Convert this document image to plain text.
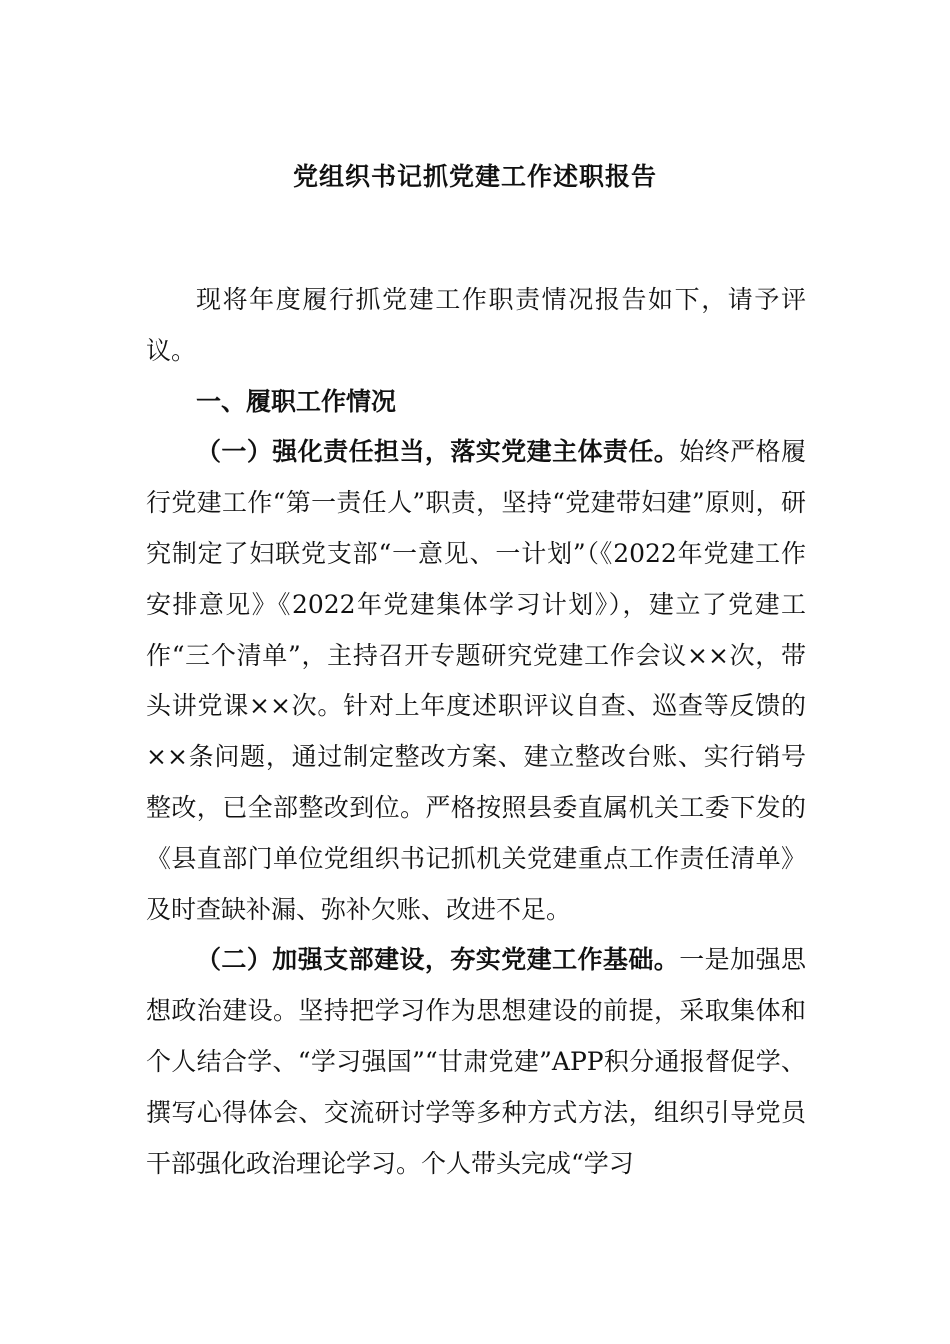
党组织书记抓党建工作述职报告

现将年度履行抓党建工作职责情况报告如下，请予评议。

一、履职工作情况

（一）强化责任担当，落实党建主体责任。始终严格履行党建工作“第一责任人”职责，坚持“党建带妇建”原则，研究制定了妇联党支部“一意见、一计划”（《2022年党建工作安排意见》《2022年党建集体学习计划》），建立了党建工作“三个清单”，主持召开专题研究党建工作会议××次，带头讲党课××次。针对上年度述职评议自查、巡查等反馈的××条问题，通过制定整改方案、建立整改台账、实行销号整改，已全部整改到位。严格按照县委直属机关工委下发的《县直部门单位党组织书记抓机关党建重点工作责任清单》及时查缺补漏、弥补欠账、改进不足。

（二）加强支部建设，夯实党建工作基础。一是加强思想政治建设。坚持把学习作为思想建设的前提，采取集体和个人结合学、“学习强国”“甘肃党建”APP积分通报督促学、撰写心得体会、交流研讨学等多种方式方法，组织引导党员干部强化政治理论学习。个人带头完成“学习
